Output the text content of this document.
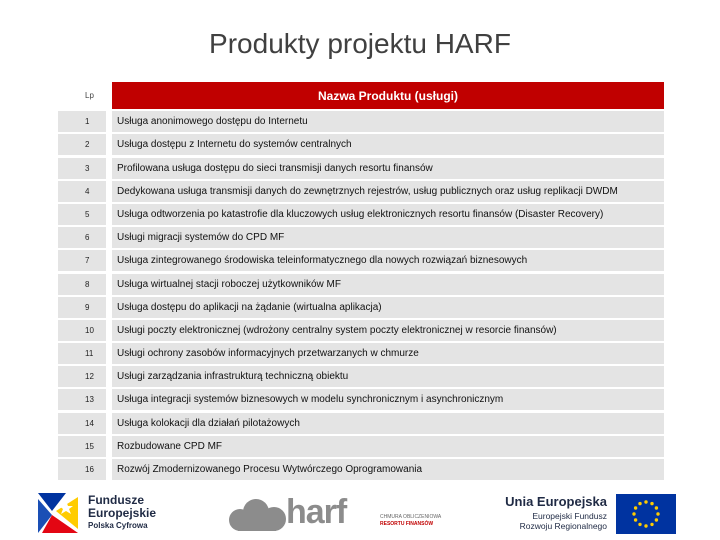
Produkty projektu HARF
Lp	Nazwa Produktu (usługi)
1	Usługa anonimowego dostępu do Internetu
2	Usługa dostępu z Internetu do systemów centralnych
3	Profilowana usługa dostępu do sieci transmisji danych resortu finansów
4	Dedykowana usługa transmisji danych do zewnętrznych rejestrów, usług publicznych oraz usług replikacji DWDM
5	Usługa odtworzenia po katastrofie dla kluczowych usług elektronicznych resortu finansów (Disaster Recovery)
6	Usługi migracji systemów do CPD MF
7	Usługa zintegrowanego środowiska teleinformatycznego dla nowych rozwiązań biznesowych
8	Usługa wirtualnej stacji roboczej użytkowników MF
9	Usługa dostępu do aplikacji na żądanie (wirtualna aplikacja)
10	Usługi poczty elektronicznej (wdrożony centralny system poczty elektronicznej w resorcie finansów)
11	Usługi ochrony zasobów informacyjnych przetwarzanych w chmurze
12	Usługi zarządzania infrastrukturą techniczną obiektu
13	Usługa integracji systemów biznesowych w modelu synchronicznym i asynchronicznym
14	Usługa kolokacji dla działań pilotażowych
15	Rozbudowane CPD MF
16	Rozwój Zmodernizowanego Procesu Wytwórczego Oprogramowania
Fundusze
Europejskie
Polska Cyfrowa	harf	CHMURA OBLICZENIOWA
RESORTU FINANSÓW
Unia Europejska
Europejski Fundusz
Rozwoju Regionalnego
